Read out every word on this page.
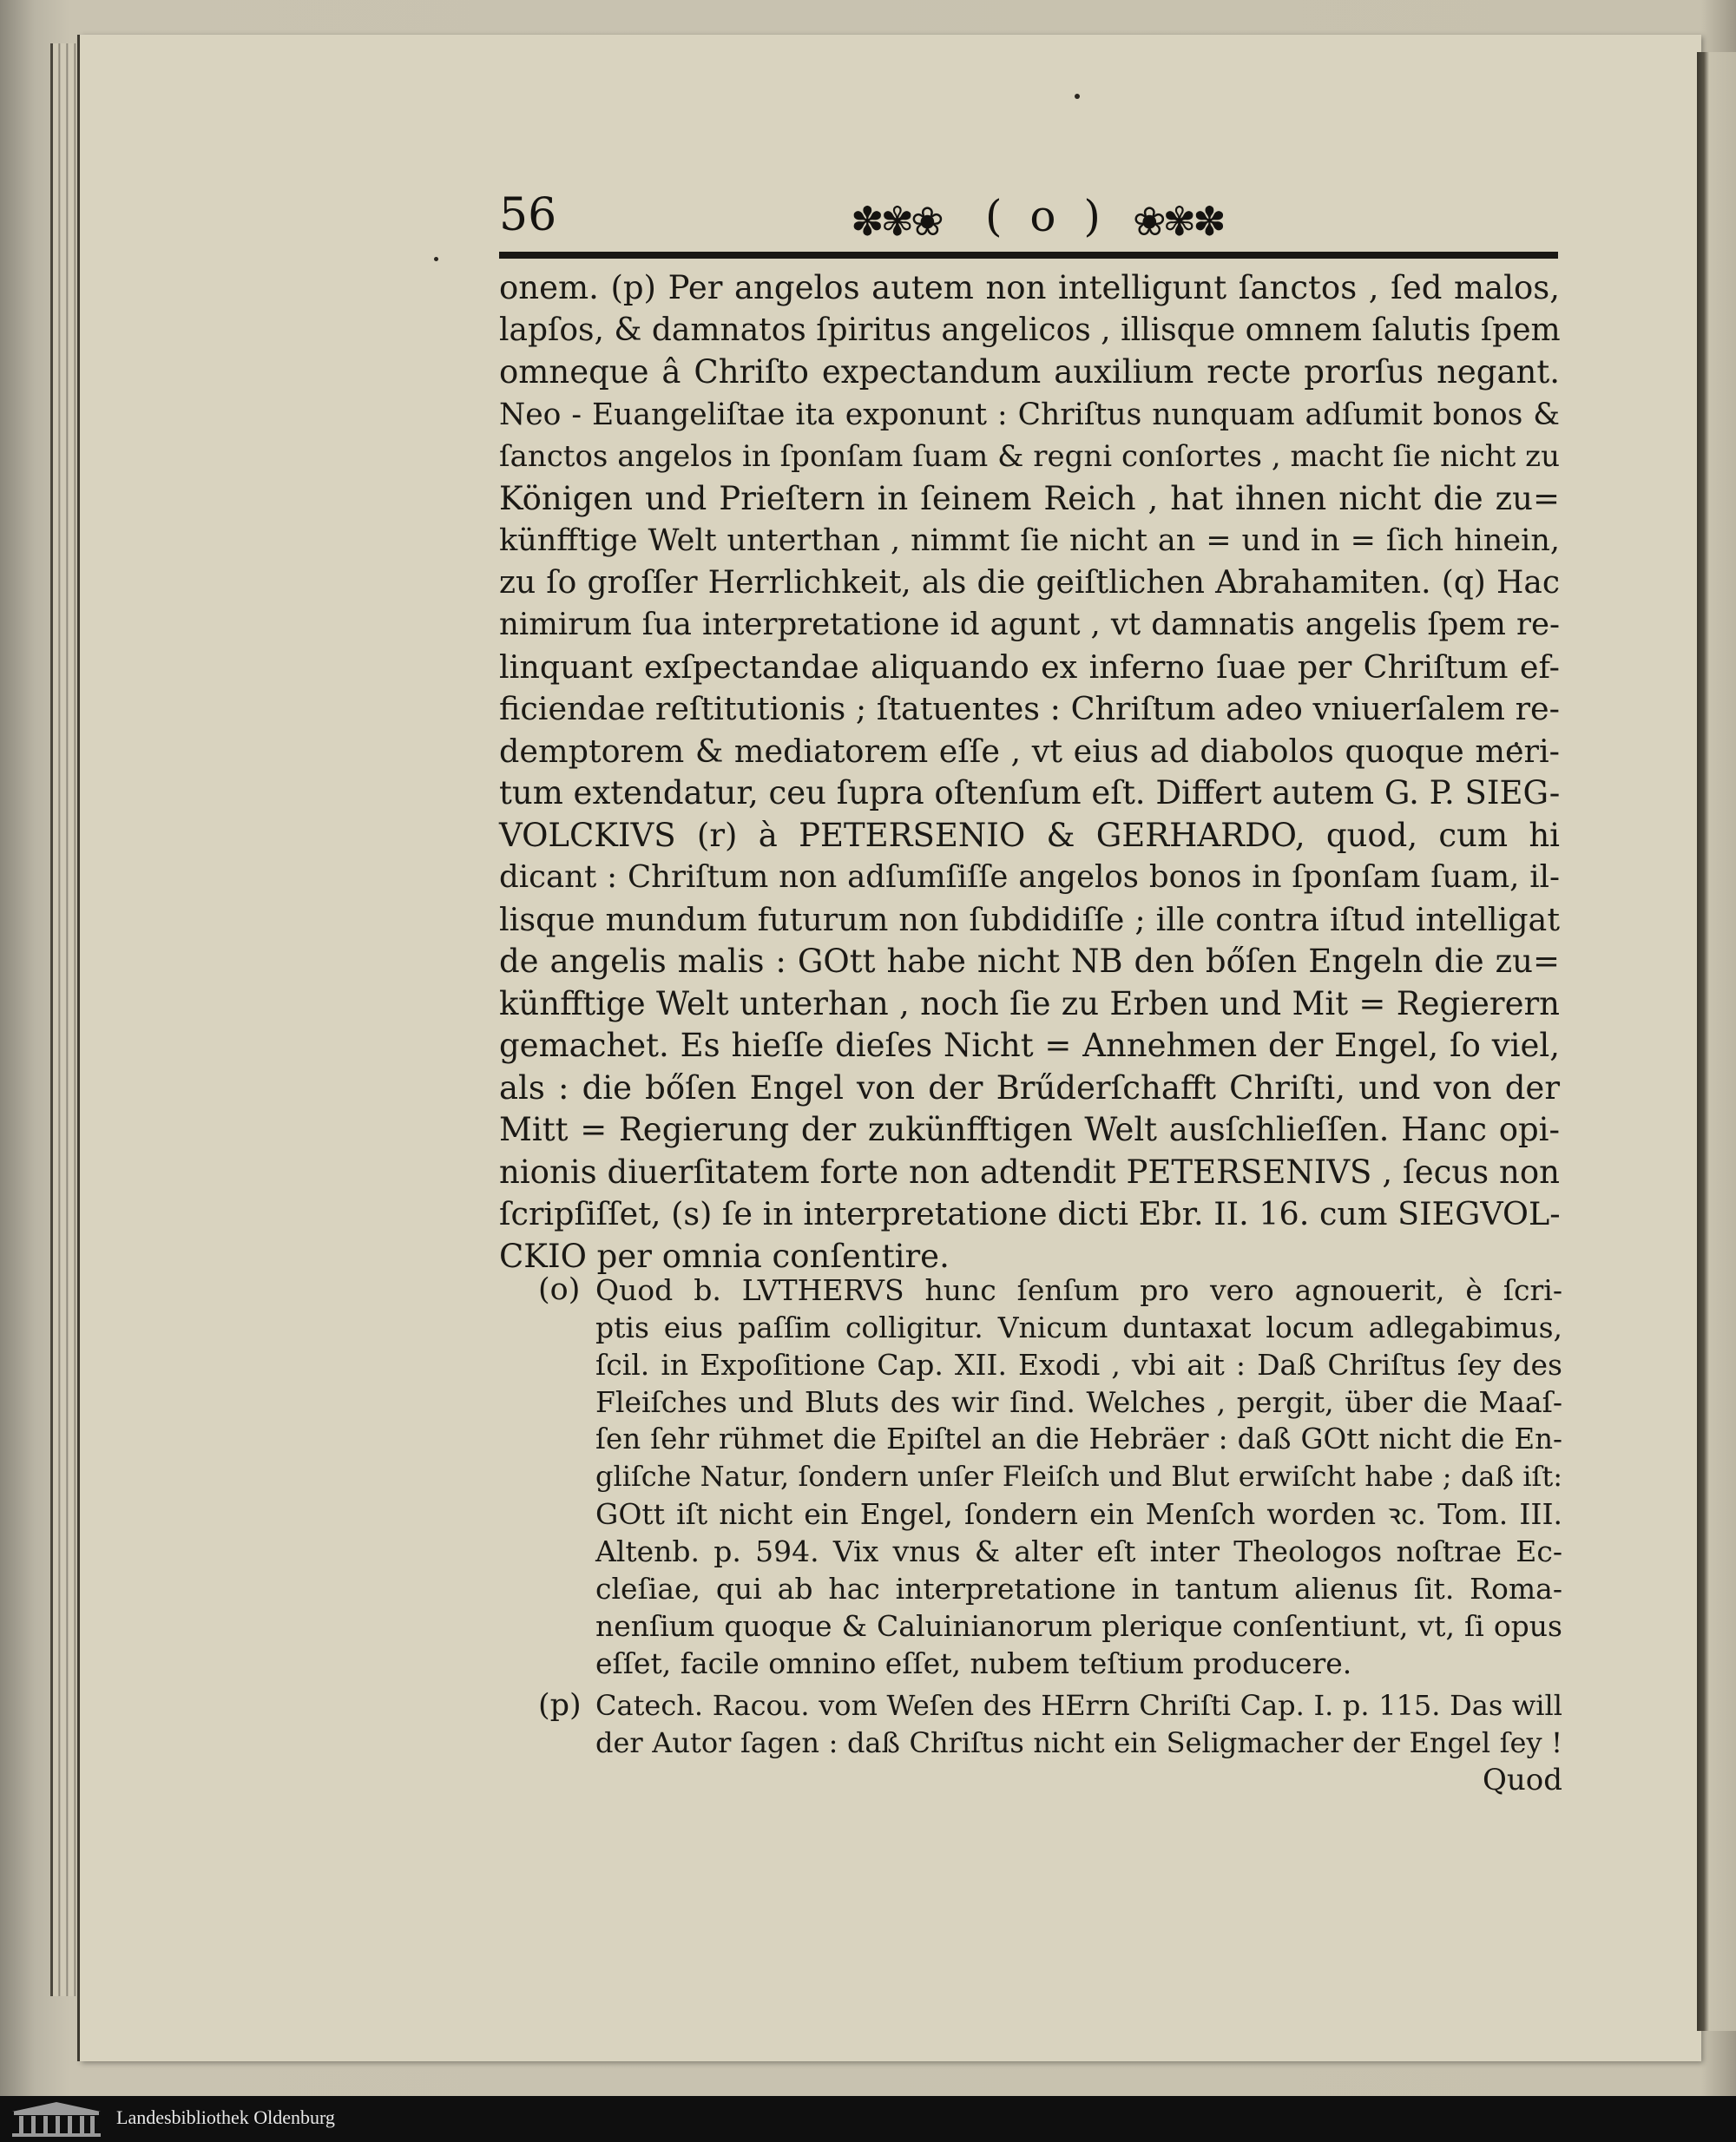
56	✽✾❀ ( o ) ❀✾✽
onem. (p) Per angelos autem non intelligunt ſanctos , ſed malos,
lapſos, & damnatos ſpiritus angelicos , illisque omnem ſalutis ſpem
omneque â Chriſto expectandum auxilium recte prorſus negant.
Neo - Euangeliſtae ita exponunt : Chriſtus nunquam adſumit bonos &
ſanctos angelos in ſponſam ſuam & regni conſortes , macht ſie nicht zu
Königen und Prieſtern in ſeinem Reich , hat ihnen nicht die zu=
künfftige Welt unterthan , nimmt ſie nicht an = und in = ſich hinein,
zu ſo groſſer Herrlichkeit, als die geiſtlichen Abrahamiten. (q) Hac
nimirum ſua interpretatione id agunt , vt damnatis angelis ſpem re-
linquant exſpectandae aliquando ex inferno ſuae per Chriſtum ef-
ficiendae reſtitutionis ; ſtatuentes : Chriſtum adeo vniuerſalem re-
demptorem & mediatorem eſſe , vt eius ad diabolos quoque meri-
tum extendatur, ceu ſupra oſtenſum eſt. Differt autem G. P. SIEG-
VOLCKIVS (r) à PETERSENIO & GERHARDO, quod, cum hi
dicant : Chriſtum non adſumſiſſe angelos bonos in ſponſam ſuam, il-
lisque mundum futurum non ſubdidiſſe ; ille contra iſtud intelligat
de angelis malis : GOtt habe nicht NB den bőſen Engeln die zu=
künfftige Welt unterhan , noch ſie zu Erben und Mit = Regierern
gemachet. Es hieſſe dieſes Nicht = Annehmen der Engel, ſo viel,
als : die bőſen Engel von der Brűderſchafft Chriſti, und von der
Mitt = Regierung der zukünfftigen Welt ausſchlieſſen. Hanc opi-
nionis diuerſitatem forte non adtendit PETERSENIVS , ſecus non
ſcripſiſſet, (s) ſe in interpretatione dicti Ebr. II. 16. cum SIEGVOL-
CKIO per omnia conſentire.
(o) Quod b. LVTHERVS hunc ſenſum pro vero agnouerit, è ſcri-
ptis eius paſſim colligitur. Vnicum duntaxat locum adlegabimus,
ſcil. in Expoſitione Cap. XII. Exodi , vbi ait : Daß Chriſtus ſey des
Fleiſches und Bluts des wir ſind. Welches , pergit, über die Maaſ-
ſen ſehr rühmet die Epiſtel an die Hebräer : daß GOtt nicht die En-
gliſche Natur, ſondern unſer Fleiſch und Blut erwiſcht habe ; daß iſt:
GOtt iſt nicht ein Engel, ſondern ein Menſch worden ꝛc. Tom. III.
Altenb. p. 594. Vix vnus & alter eſt inter Theologos noſtrae Ec-
cleſiae, qui ab hac interpretatione in tantum alienus ſit. Roma-
nenſium quoque & Caluinianorum plerique conſentiunt, vt, ſi opus
eſſet, facile omnino eſſet, nubem teſtium producere.
(p) Catech. Racou. vom Weſen des HErrn Chriſti Cap. I. p. 115. Das will
der Autor ſagen : daß Chriſtus nicht ein Seligmacher der Engel ſey !
Quod
Landesbibliothek Oldenburg
